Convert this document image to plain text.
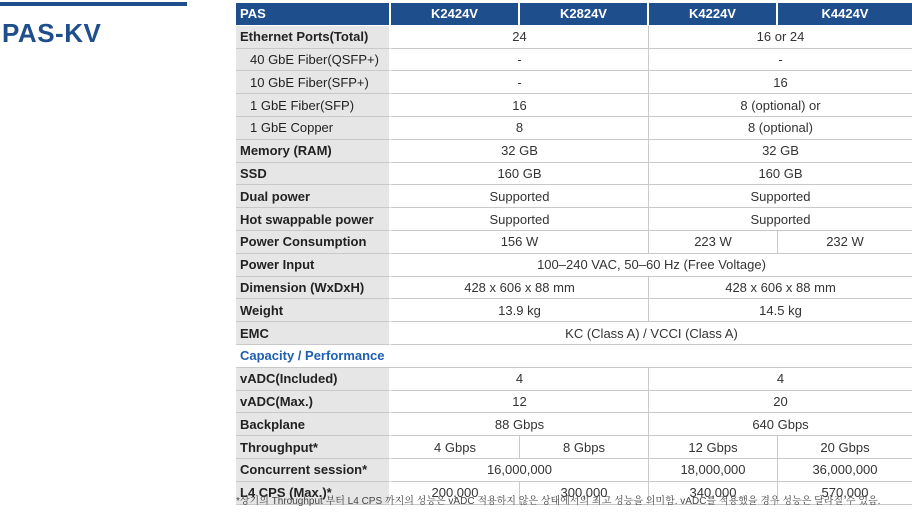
PAS-KV
PAS	K2424V	K2824V	K4224V	K4424V
Ethernet Ports(Total)	24		16 or 24	
40 GbE Fiber(QSFP+)	-		-	
10 GbE Fiber(SFP+)	-		16	
1 GbE Fiber(SFP)	16		8 (optional) or	
1 GbE Copper	8		8 (optional)	
Memory (RAM)	32 GB		32 GB	
SSD	160 GB		160 GB	
Dual power	Supported		Supported	
Hot swappable power	Supported		Supported	
Power Consumption	156 W		223 W	232 W
Power Input	100–240 VAC, 50–60 Hz (Free Voltage)			
Dimension (WxDxH)	428 x 606 x 88 mm		428 x 606 x 88 mm	
Weight	13.9 kg		14.5 kg	
EMC	KC (Class A) / VCCI (Class A)			
Capacity / Performance				
vADC(Included)	4		4	
vADC(Max.)	12		20	
Backplane	88 Gbps		640 Gbps	
Throughput*	4 Gbps	8 Gbps	12 Gbps	20 Gbps
Concurrent session*	16,000,000		18,000,000	36,000,000
L4 CPS (Max.)*	200,000	300,000	340,000	570,000
*상기의 Throughput 부터 L4 CPS 까지의 성능은 vADC 적용하지 않은 상태에서의 최고 성능을 의미함. vADC를 적용했을 경우 성능은 달라질 수 있음.
